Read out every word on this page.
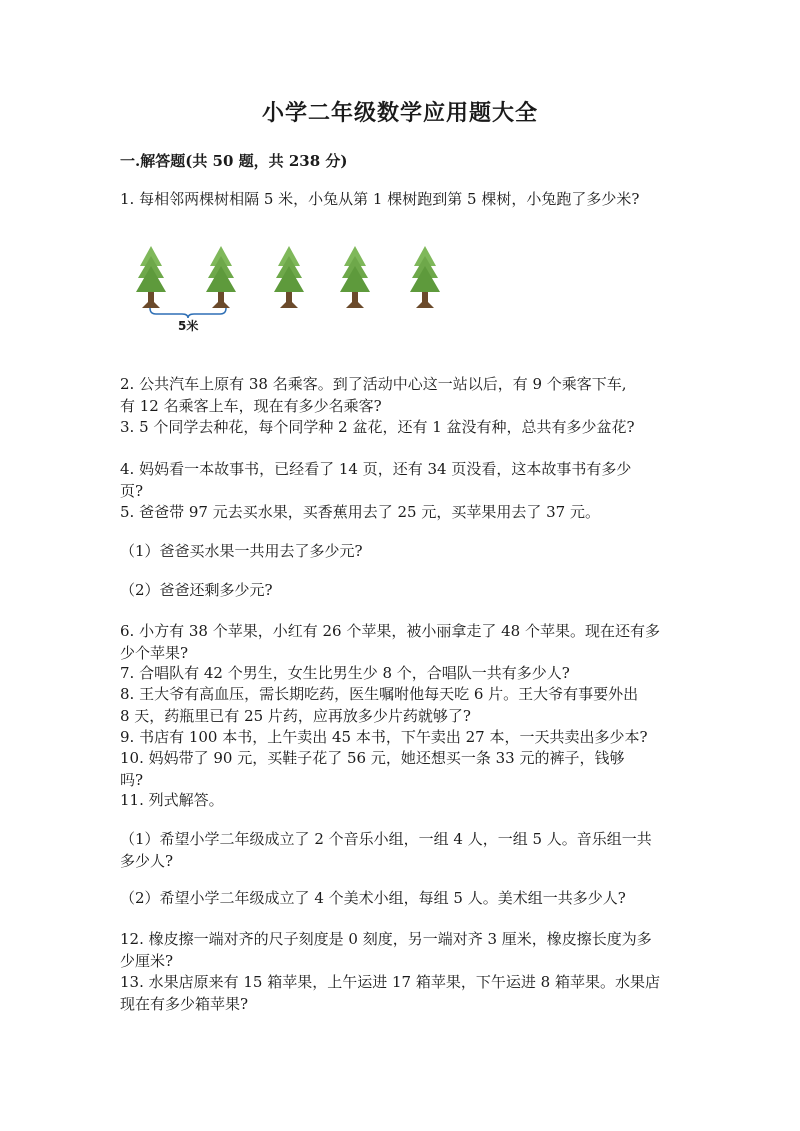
小学二年级数学应用题大全
一.解答题(共 50 题，共 238 分)
1. 每相邻两棵树相隔 5 米，小兔从第 1 棵树跑到第 5 棵树，小兔跑了多少米?
5米
2. 公共汽车上原有 38 名乘客。到了活动中心这一站以后，有 9 个乘客下车,
有 12 名乘客上车，现在有多少名乘客?
3. 5 个同学去种花，每个同学种 2 盆花，还有 1 盆没有种，总共有多少盆花?
4. 妈妈看一本故事书，已经看了 14 页，还有 34 页没看，这本故事书有多少
页?
5. 爸爸带 97 元去买水果，买香蕉用去了 25 元，买苹果用去了 37 元。
（1）爸爸买水果一共用去了多少元?
（2）爸爸还剩多少元?
6. 小方有 38 个苹果，小红有 26 个苹果，被小丽拿走了 48 个苹果。现在还有多
少个苹果?
7. 合唱队有 42 个男生，女生比男生少 8 个，合唱队一共有多少人?
8. 王大爷有高血压，需长期吃药，医生嘱咐他每天吃 6 片。王大爷有事要外出
8 天，药瓶里已有 25 片药，应再放多少片药就够了?
9. 书店有 100 本书，上午卖出 45 本书，下午卖出 27 本，一天共卖出多少本?
10. 妈妈带了 90 元，买鞋子花了 56 元，她还想买一条 33 元的裤子，钱够
吗?
11. 列式解答。
（1）希望小学二年级成立了 2 个音乐小组，一组 4 人，一组 5 人。音乐组一共
多少人?
（2）希望小学二年级成立了 4 个美术小组，每组 5 人。美术组一共多少人?
12. 橡皮擦一端对齐的尺子刻度是 0 刻度，另一端对齐 3 厘米，橡皮擦长度为多
少厘米?
13. 水果店原来有 15 箱苹果，上午运进 17 箱苹果，下午运进 8 箱苹果。水果店
现在有多少箱苹果?
